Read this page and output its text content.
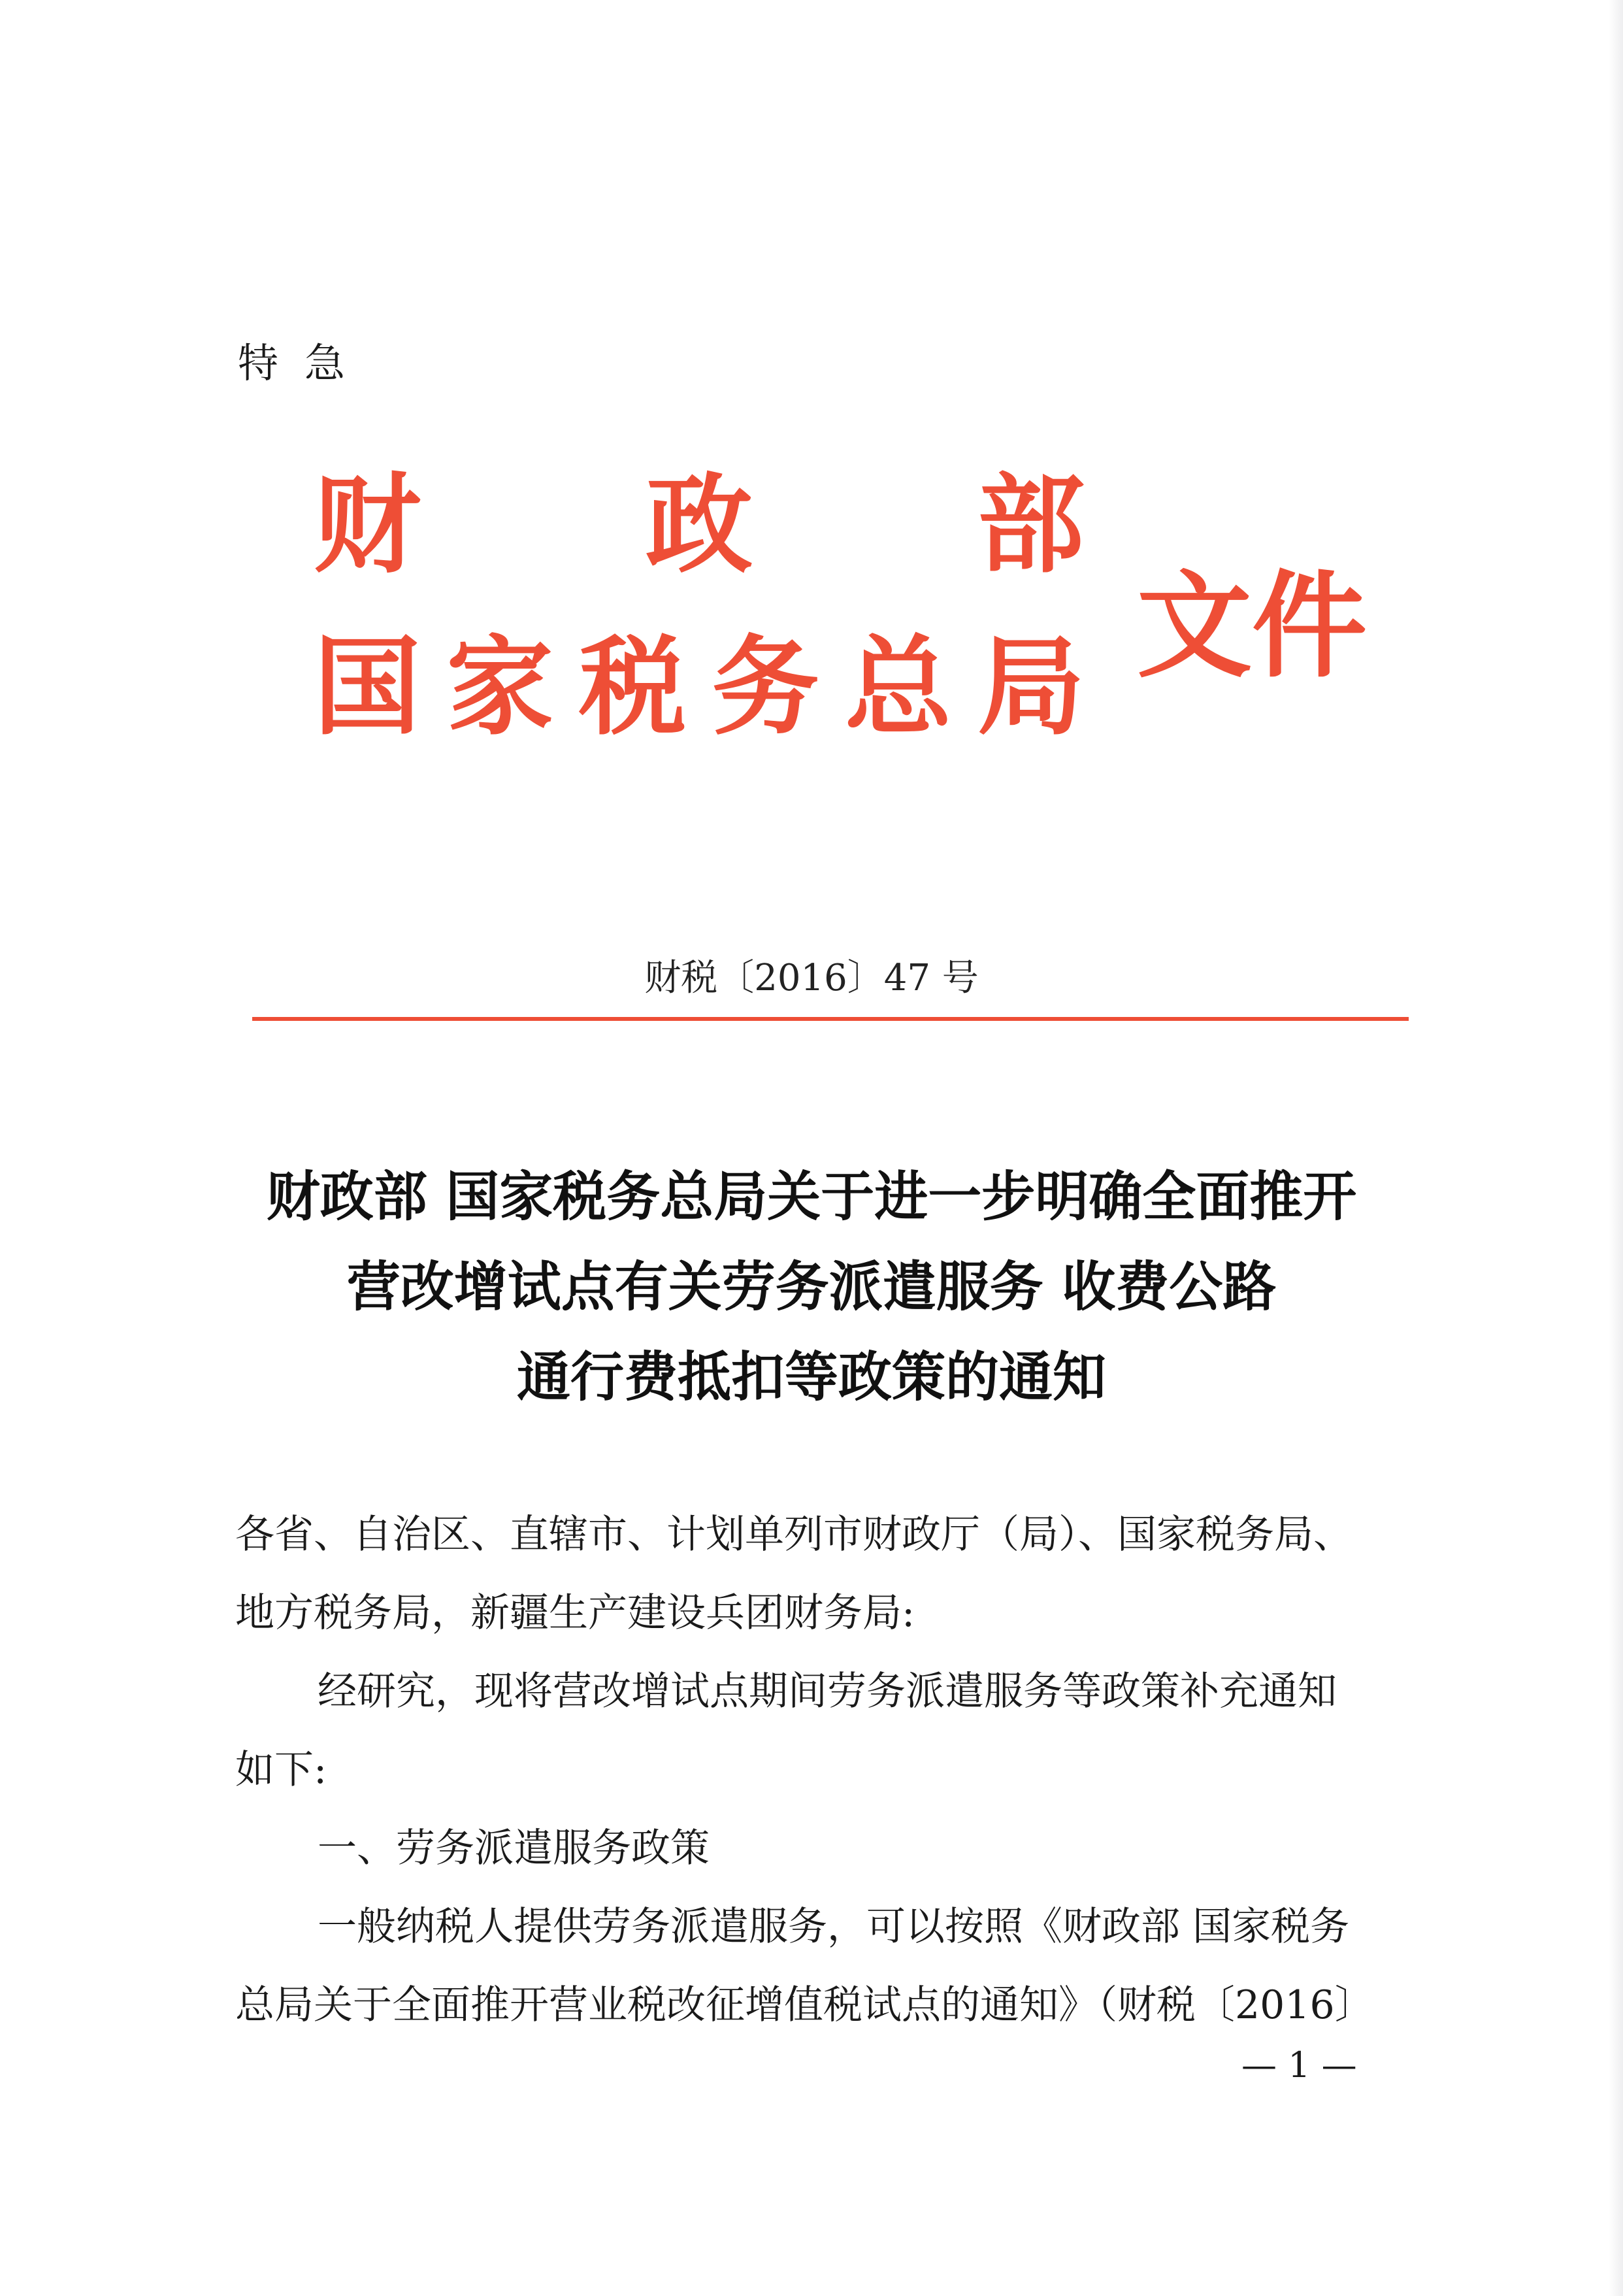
特急
财 政 部
国 家 税 务 总 局 文件
财税〔2016〕47 号
财政部 国家税务总局关于进一步明确全面推开
营改增试点有关劳务派遣服务 收费公路
通行费抵扣等政策的通知
各省、自治区、直辖市、计划单列市财政厅（局）、国家税务局、
地方税务局，新疆生产建设兵团财务局:
经研究，现将营改增试点期间劳务派遣服务等政策补充通知
如下:
一、劳务派遣服务政策
一般纳税人提供劳务派遣服务，可以按照《财政部 国家税务
总局关于全面推开营业税改征增值税试点的通知》（财税〔2016〕
— 1 —
